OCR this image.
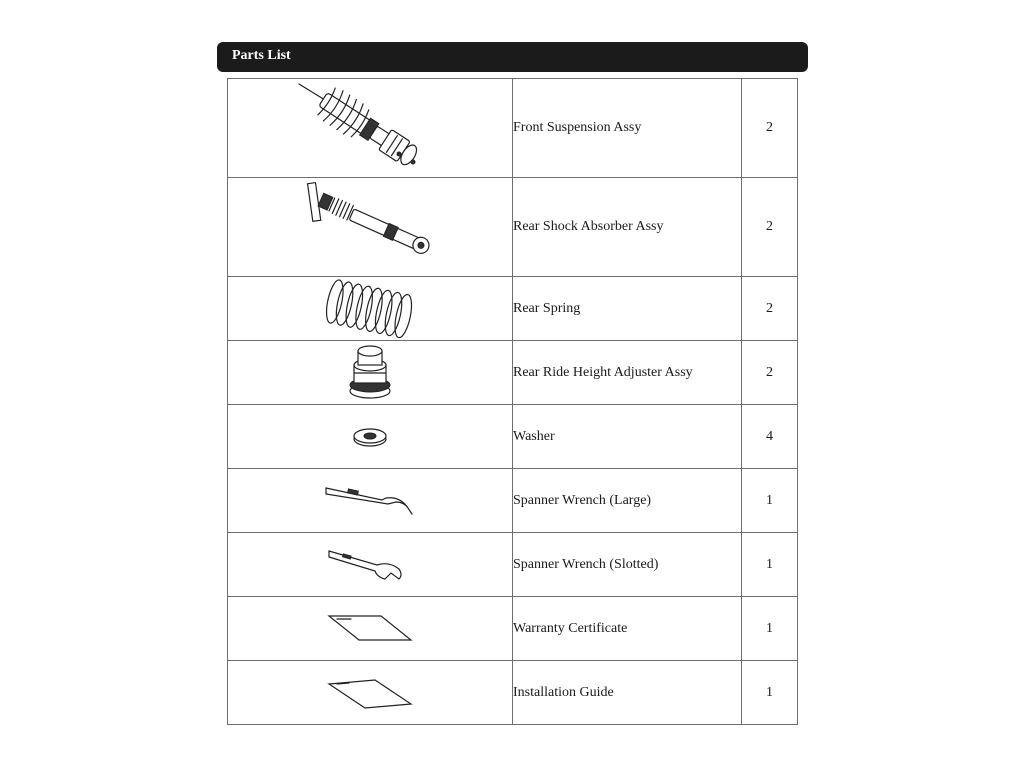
Parts List
	Front Suspension Assy	2

	Rear Shock Absorber Assy	2

	Rear Spring	2

	Rear Ride Height Adjuster Assy	2

	Washer	4

	Spanner Wrench (Large)	1

	Spanner Wrench (Slotted)	1

	Warranty Certificate	1

	Installation Guide	1
